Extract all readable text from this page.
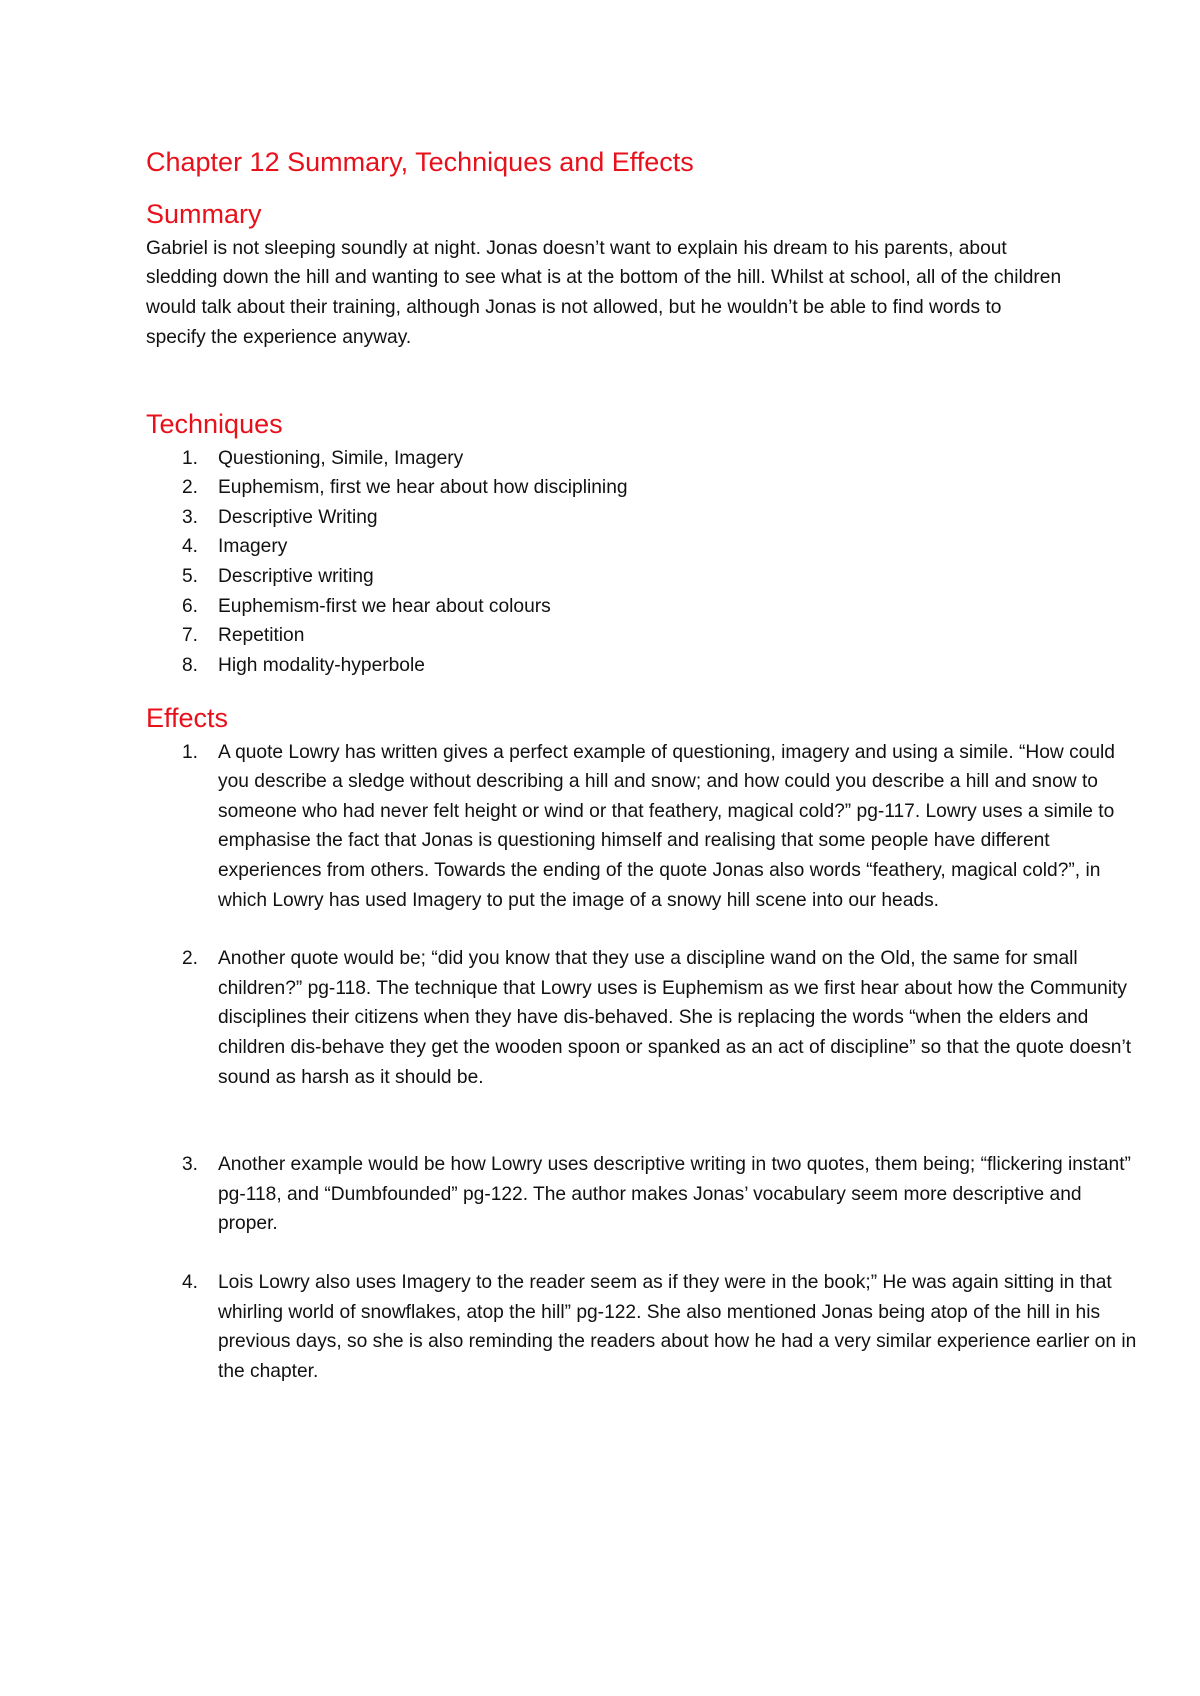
Chapter 12 Summary, Techniques and Effects
Summary

Gabriel is not sleeping soundly at night. Jonas doesn’t want to explain his dream to his parents, about sledding down the hill and wanting to see what is at the bottom of the hill. Whilst at school, all of the children would talk about their training, although Jonas is not allowed, but he wouldn’t be able to find words to specify the experience anyway.

Techniques
1.	Questioning, Simile, Imagery
2.	Euphemism, first we hear about how disciplining
3.	Descriptive Writing
4.	Imagery
5.	Descriptive writing
6.	Euphemism-first we hear about colours
7.	Repetition
8.	High modality-hyperbole
Effects
1.	A quote Lowry has written gives a perfect example of questioning, imagery and using a simile. “How could you describe a sledge without describing a hill and snow; and how could you describe a hill and snow to someone who had never felt height or wind or that feathery, magical cold?” pg-117. Lowry uses a simile to emphasise the fact that Jonas is questioning himself and realising that some people have different experiences from others. Towards the ending of the quote Jonas also words “feathery, magical cold?”, in which Lowry has used Imagery to put the image of a snowy hill scene into our heads.
2.	Another quote would be; “did you know that they use a discipline wand on the Old, the same for small children?” pg-118. The technique that Lowry uses is Euphemism as we first hear about how the Community disciplines their citizens when they have dis-behaved. She is replacing the words “when the elders and children dis-behave they get the wooden spoon or spanked as an act of discipline” so that the quote doesn’t sound as harsh as it should be.
3.	Another example would be how Lowry uses descriptive writing in two quotes, them being; “flickering instant” pg-118, and “Dumbfounded” pg-122. The author makes Jonas’ vocabulary seem more descriptive and proper.
4.	Lois Lowry also uses Imagery to the reader seem as if they were in the book;” He was again sitting in that whirling world of snowflakes, atop the hill” pg-122. She also mentioned Jonas being atop of the hill in his previous days, so she is also reminding the readers about how he had a very similar experience earlier on in the chapter.
